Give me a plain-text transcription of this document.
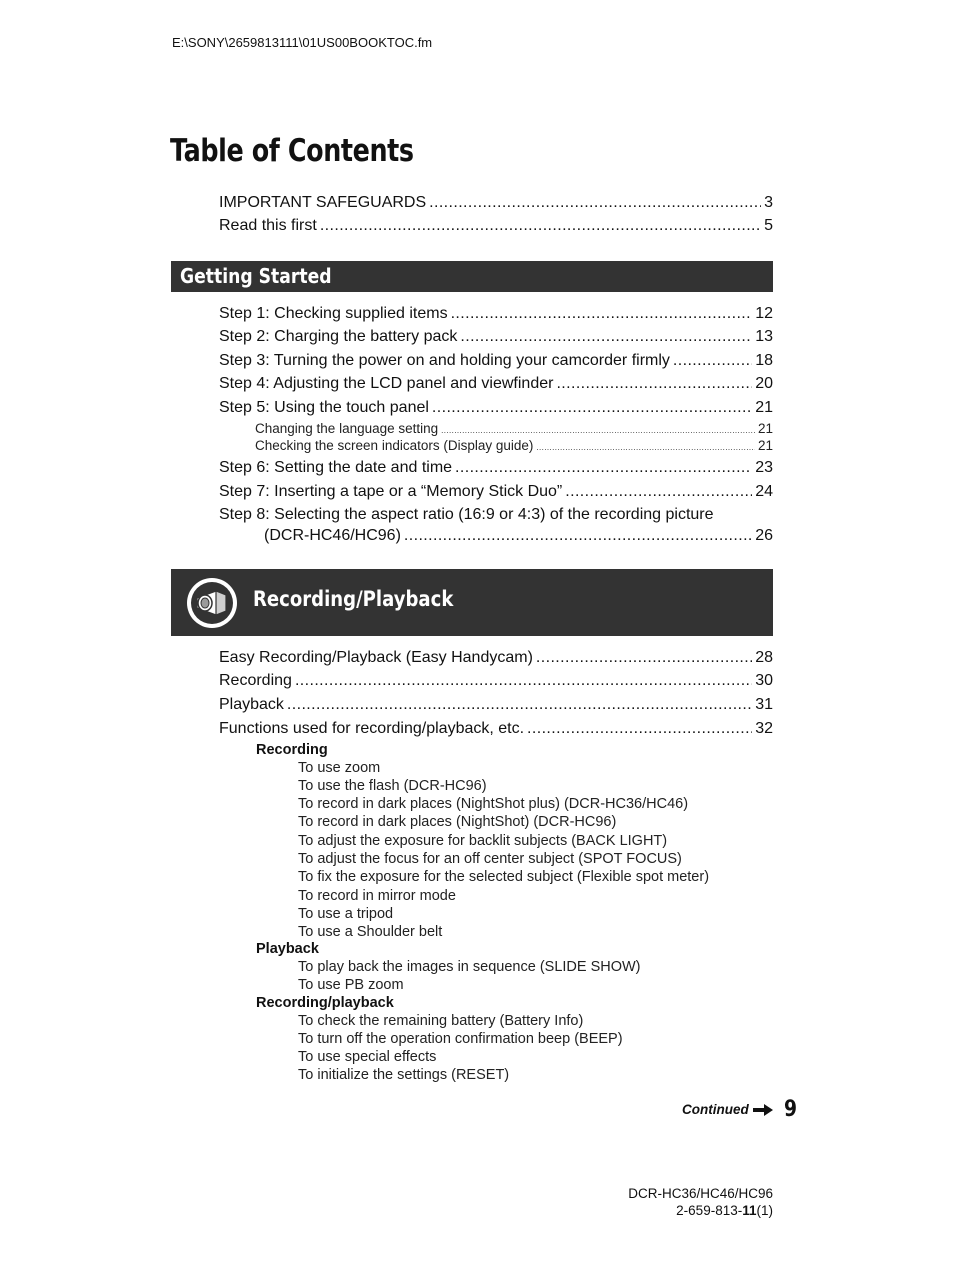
E:\SONY\2659813111\01US00BOOKTOC.fm
Table of Contents
IMPORTANT SAFEGUARDS .....	3
Read this first .....	5
Getting Started
Step 1: Checking supplied items .....	12
Step 2: Charging the battery pack .....	13
Step 3: Turning the power on and holding your camcorder firmly .....	18
Step 4: Adjusting the LCD panel and viewfinder .....	20
Step 5: Using the touch panel .....	21
Changing the language setting .....	21
Checking the screen indicators (Display guide) .....	21
Step 6: Setting the date and time .....	23
Step 7: Inserting a tape or a “Memory Stick Duo” .....	24
Step 8: Selecting the aspect ratio (16:9 or 4:3) of the recording picture
(DCR-HC46/HC96) .....	26
Recording/Playback
Easy Recording/Playback (Easy Handycam) .....	28
Recording .....	30
Playback .....	31
Functions used for recording/playback, etc. .....	32
Recording
To use zoom
To use the flash (DCR-HC96)
To record in dark places (NightShot plus) (DCR-HC36/HC46)
To record in dark places (NightShot) (DCR-HC96)
To adjust the exposure for backlit subjects (BACK LIGHT)
To adjust the focus for an off center subject (SPOT FOCUS)
To fix the exposure for the selected subject (Flexible spot meter)
To record in mirror mode
To use a tripod
To use a Shoulder belt
Playback
To play back the images in sequence (SLIDE SHOW)
To use PB zoom
Recording/playback
To check the remaining battery (Battery Info)
To turn off the operation confirmation beep (BEEP)
To use special effects
To initialize the settings (RESET)
Continued 9
DCR-HC36/HC46/HC96
2-659-813-11(1)
